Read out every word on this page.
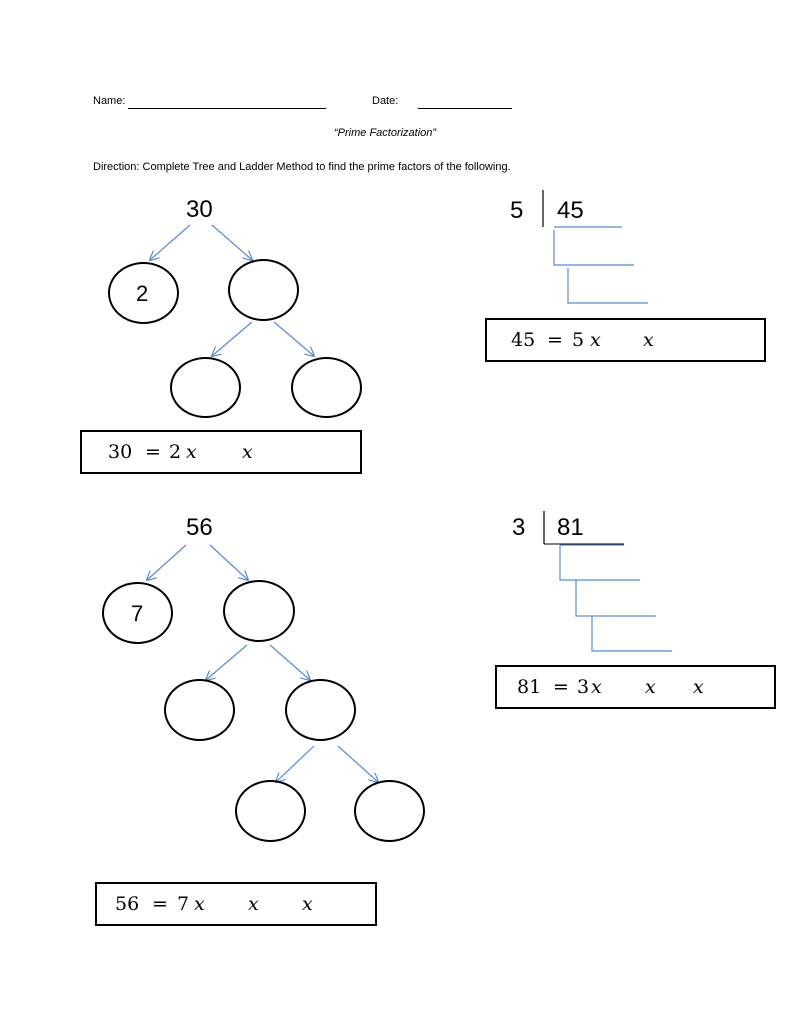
Name:	Date:
“Prime Factorization”
Direction: Complete Tree and Ladder Method to find the prime factors of the following.
30
2
30 = 2 x x
5 45
45 = 5 x x
56
7
56 = 7 x x x
3 81
81 = 3 x x x
